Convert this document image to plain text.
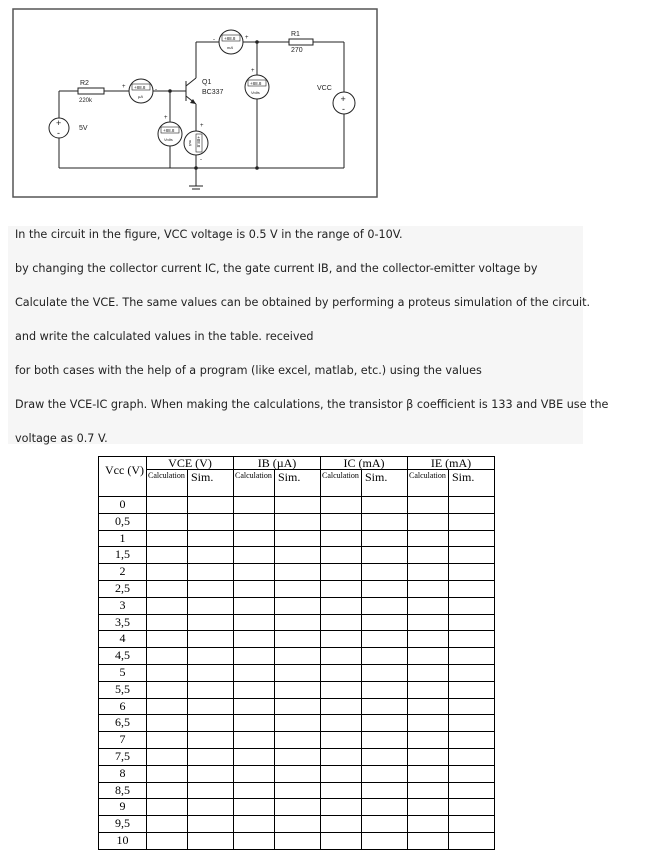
R2
220k
R1
270
Q1
BC337
+
-	5V
+
-
VCC
+88.8
mA
-	+
+88.8
µA
+	-
+88.8
Volts
+
+88.8
Volts
+
+88.8
mA
+
-
In the circuit in the figure, VCC voltage is 0.5 V in the range of 0-10V.
by changing the collector current IC, the gate current IB, and the collector-emitter voltage by
Calculate the VCE. The same values can be obtained by performing a proteus simulation of the circuit.
and write the calculated values in the table. received
for both cases with the help of a program (like excel, matlab, etc.) using the values
Draw the VCE-IC graph. When making the calculations, the transistor β coefficient is 133 and VBE use the
voltage as 0.7 V.
Vcc (V)	VCE (V)		IB (µA)		IC (mA)		IE (mA)	
	Calculation	Sim.	Calculation	Sim.	Calculation	Sim.	Calculation	Sim.
0								
0,5								
1								
1,5								
2								
2,5								
3								
3,5								
4								
4,5								
5								
5,5								
6								
6,5								
7								
7,5								
8								
8,5								
9								
9,5								
10								
